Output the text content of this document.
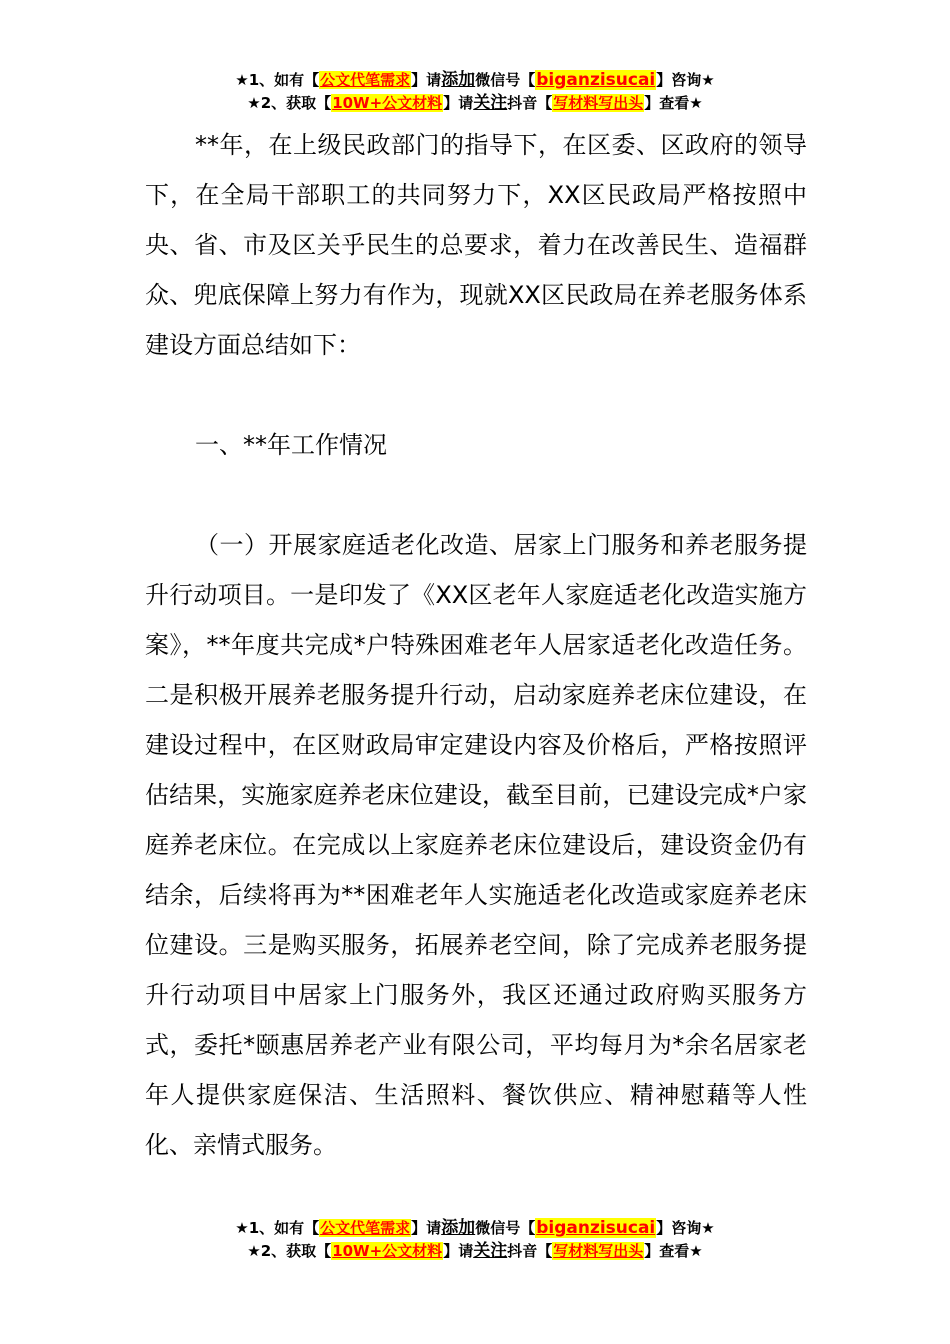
★1、如有【公文代笔需求】请添加微信号【biganzisucai】咨询★
★2、获取【10W+公文材料】请关注抖音【写材料写出头】查看★

**年，在上级民政部门的指导下，在区委、区政府的领导下，在全局干部职工的共同努力下，XX区民政局严格按照中央、省、市及区关乎民生的总要求，着力在改善民生、造福群众、兜底保障上努力有作为，现就XX区民政局在养老服务体系建设方面总结如下：

一、**年工作情况

（一）开展家庭适老化改造、居家上门服务和养老服务提升行动项目。一是印发了《XX区老年人家庭适老化改造实施方案》，**年度共完成*户特殊困难老年人居家适老化改造任务。二是积极开展养老服务提升行动，启动家庭养老床位建设，在建设过程中，在区财政局审定建设内容及价格后，严格按照评估结果，实施家庭养老床位建设，截至目前，已建设完成*户家庭养老床位。在完成以上家庭养老床位建设后，建设资金仍有结余，后续将再为**困难老年人实施适老化改造或家庭养老床位建设。三是购买服务，拓展养老空间，除了完成养老服务提升行动项目中居家上门服务外，我区还通过政府购买服务方式，委托*颐惠居养老产业有限公司，平均每月为*余名居家老年人提供家庭保洁、生活照料、餐饮供应、精神慰藉等人性化、亲情式服务。

★1、如有【公文代笔需求】请添加微信号【biganzisucai】咨询★
★2、获取【10W+公文材料】请关注抖音【写材料写出头】查看★
